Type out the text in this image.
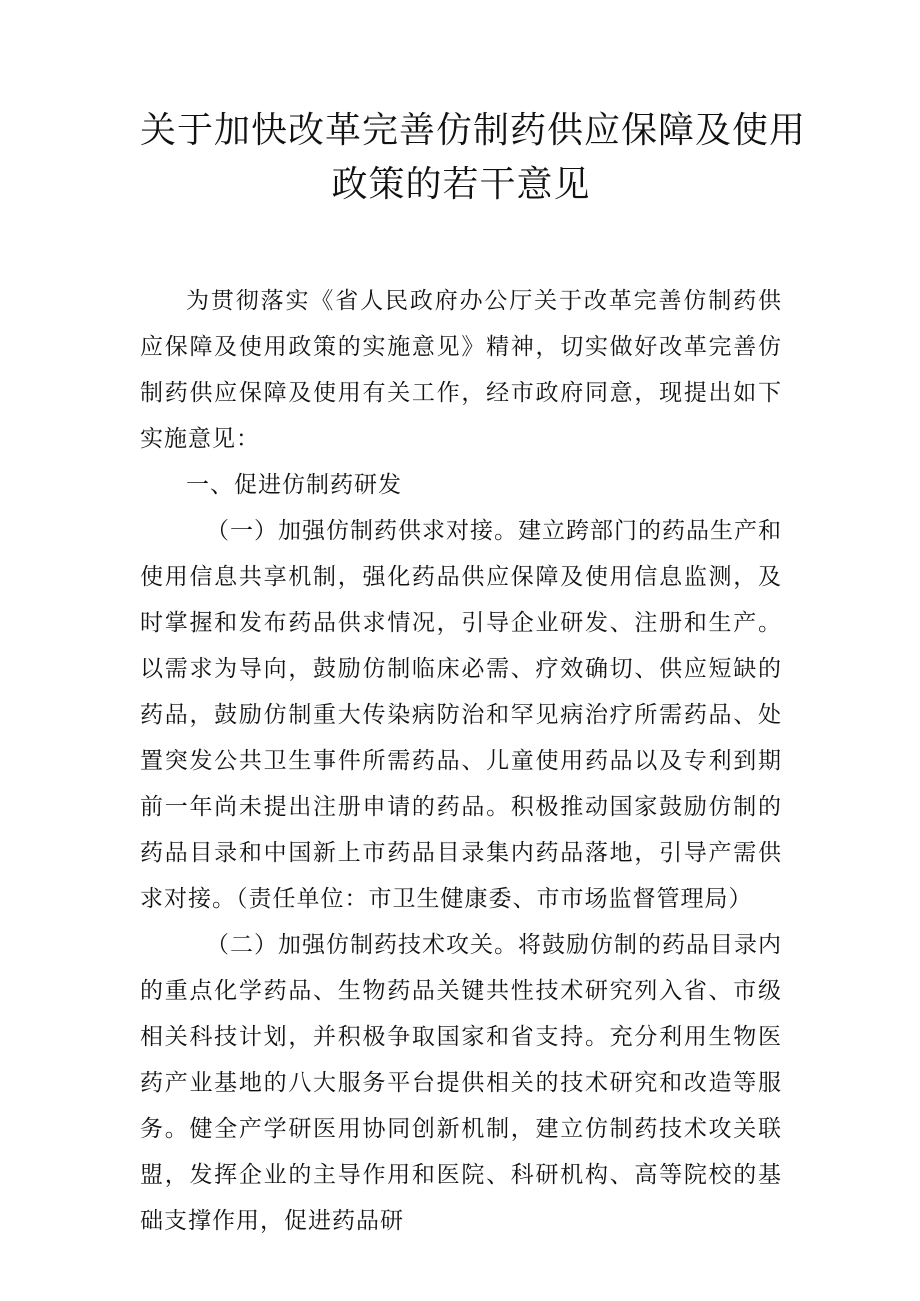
关于加快改革完善仿制药供应保障及使用
政策的若干意见

为贯彻落实《省人民政府办公厅关于改革完善仿制药供应保障及使用政策的实施意见》精神，切实做好改革完善仿制药供应保障及使用有关工作，经市政府同意，现提出如下实施意见：

一、促进仿制药研发

（一）加强仿制药供求对接。建立跨部门的药品生产和使用信息共享机制，强化药品供应保障及使用信息监测，及时掌握和发布药品供求情况，引导企业研发、注册和生产。以需求为导向，鼓励仿制临床必需、疗效确切、供应短缺的药品，鼓励仿制重大传染病防治和罕见病治疗所需药品、处置突发公共卫生事件所需药品、儿童使用药品以及专利到期前一年尚未提出注册申请的药品。积极推动国家鼓励仿制的药品目录和中国新上市药品目录集内药品落地，引导产需供求对接。（责任单位：市卫生健康委、市市场监督管理局）

（二）加强仿制药技术攻关。将鼓励仿制的药品目录内的重点化学药品、生物药品关键共性技术研究列入省、市级相关科技计划，并积极争取国家和省支持。充分利用生物医药产业基地的八大服务平台提供相关的技术研究和改造等服务。健全产学研医用协同创新机制，建立仿制药技术攻关联盟，发挥企业的主导作用和医院、科研机构、高等院校的基础支撑作用，促进药品研
